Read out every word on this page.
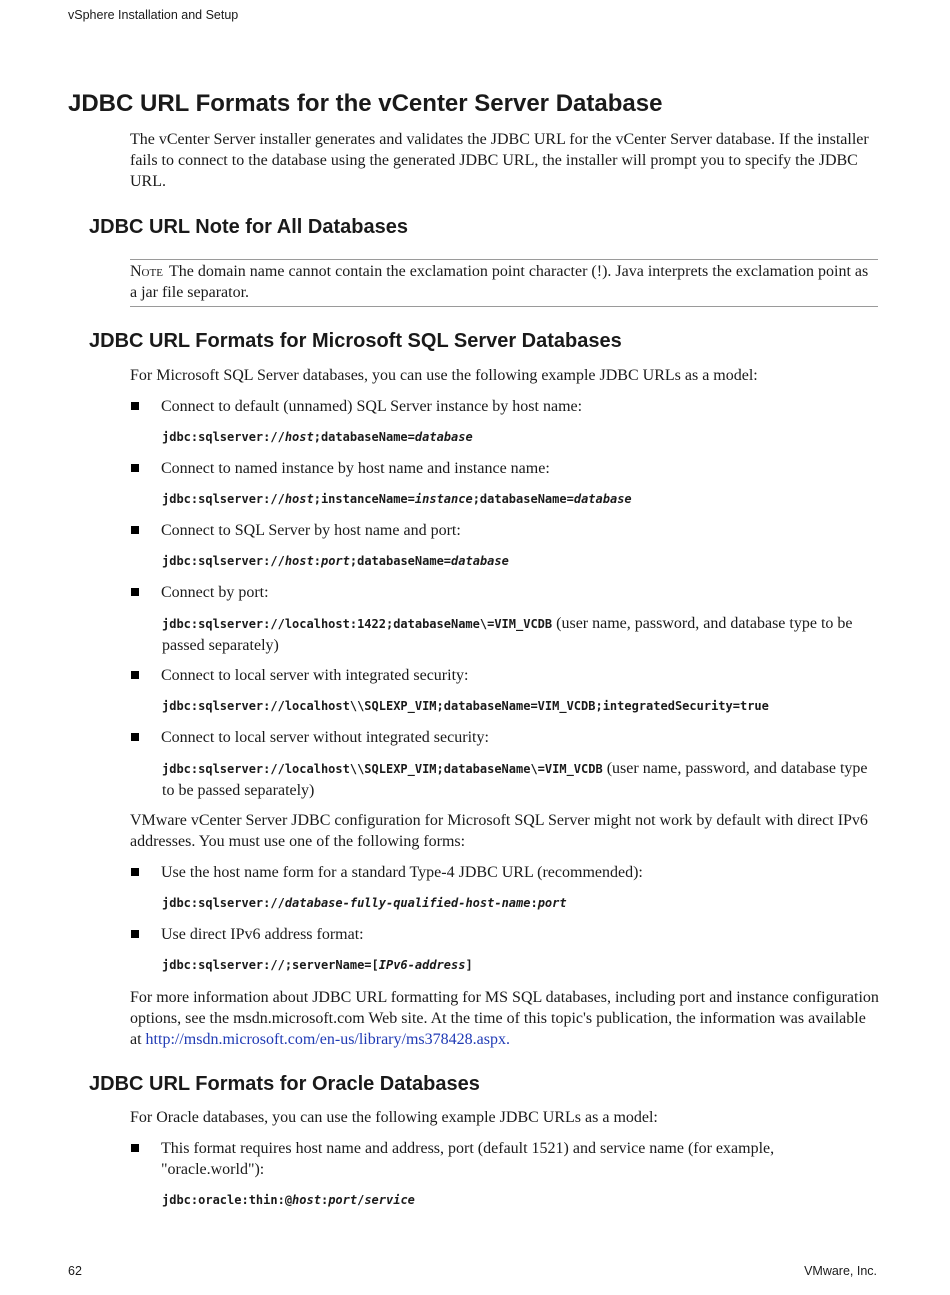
vSphere Installation and Setup
JDBC URL Formats for the vCenter Server Database

The vCenter Server installer generates and validates the JDBC URL for the vCenter Server database. If the installer fails to connect to the database using the generated JDBC URL, the installer will prompt you to specify the JDBC URL.

JDBC URL Note for All Databases
Note The domain name cannot contain the exclamation point character (!). Java interprets the exclamation point as a jar file separator.
JDBC URL Formats for Microsoft SQL Server Databases

For Microsoft SQL Server databases, you can use the following example JDBC URLs as a model:

Connect to default (unnamed) SQL Server instance by host name:
jdbc:sqlserver://host;databaseName=database
Connect to named instance by host name and instance name:
jdbc:sqlserver://host;instanceName=instance;databaseName=database
Connect to SQL Server by host name and port:
jdbc:sqlserver://host:port;databaseName=database
Connect by port:
jdbc:sqlserver://localhost:1422;databaseName\=VIM_VCDB (user name, password, and database type to be passed separately)
Connect to local server with integrated security:
jdbc:sqlserver://localhost\\SQLEXP_VIM;databaseName=VIM_VCDB;integratedSecurity=true
Connect to local server without integrated security:
jdbc:sqlserver://localhost\\SQLEXP_VIM;databaseName\=VIM_VCDB (user name, password, and database type to be passed separately)

VMware vCenter Server JDBC configuration for Microsoft SQL Server might not work by default with direct IPv6 addresses. You must use one of the following forms:

Use the host name form for a standard Type-4 JDBC URL (recommended):
jdbc:sqlserver://database-fully-qualified-host-name:port
Use direct IPv6 address format:
jdbc:sqlserver://;serverName=[IPv6-address]

For more information about JDBC URL formatting for MS SQL databases, including port and instance configuration options, see the msdn.microsoft.com Web site. At the time of this topic's publication, the information was available at http://msdn.microsoft.com/en-us/library/ms378428.aspx.

JDBC URL Formats for Oracle Databases

For Oracle databases, you can use the following example JDBC URLs as a model:

This format requires host name and address, port (default 1521) and service name (for example, "oracle.world"):
jdbc:oracle:thin:@host:port/service
62	VMware, Inc.
